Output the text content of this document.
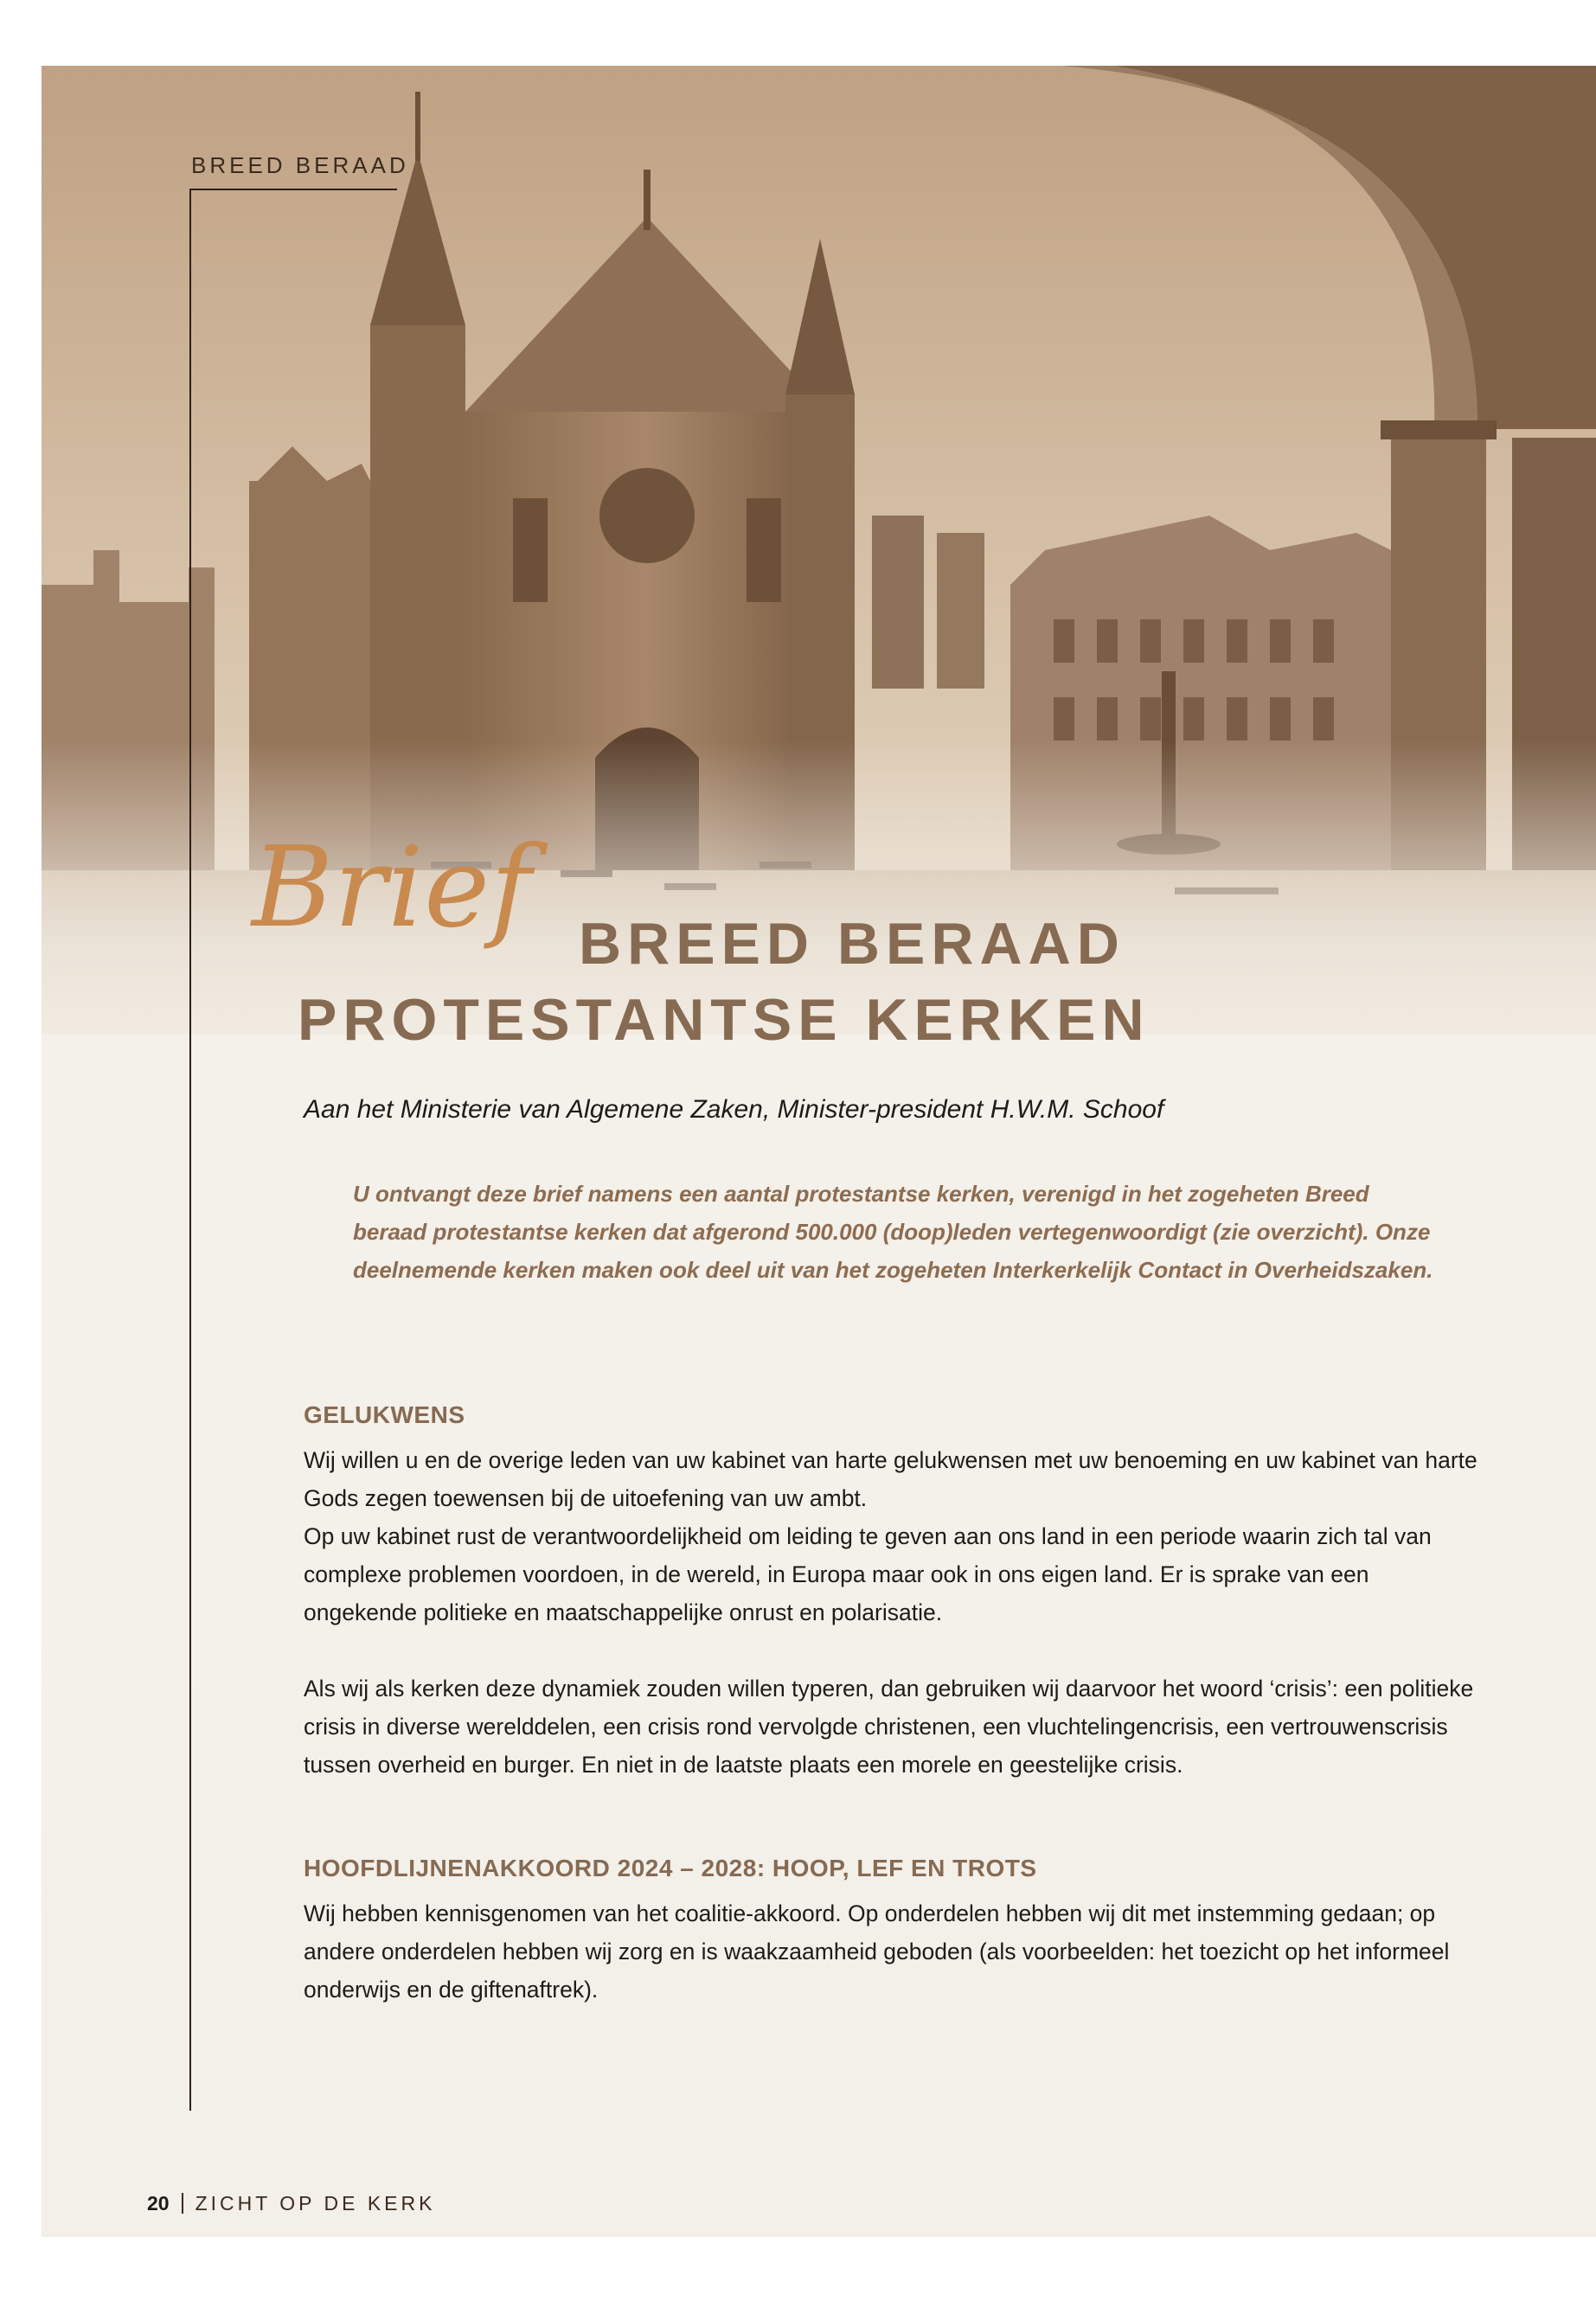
BREED BERAAD
Brief BREED BERAAD
PROTESTANTSE KERKEN
Aan het Ministerie van Algemene Zaken, Minister-president H.W.M. Schoof

U ontvangt deze brief namens een aantal protestantse kerken, verenigd in het zogeheten Breed beraad protestantse kerken dat afgerond 500.000 (doop)leden vertegenwoordigt (zie overzicht). Onze deelnemende kerken maken ook deel uit van het zogeheten Interkerkelijk Contact in Overheidszaken.

GELUKWENS

Wij willen u en de overige leden van uw kabinet van harte gelukwensen met uw benoeming en uw kabinet van harte Gods zegen toewensen bij de uitoefening van uw ambt.

Op uw kabinet rust de verantwoordelijkheid om leiding te geven aan ons land in een periode waarin zich tal van complexe problemen voordoen, in de wereld, in Europa maar ook in ons eigen land. Er is sprake van een ongekende politieke en maatschappelijke onrust en polarisatie.

Als wij als kerken deze dynamiek zouden willen typeren, dan gebruiken wij daarvoor het woord ‘crisis’: een politieke crisis in diverse werelddelen, een crisis rond vervolgde christenen, een vluchtelingencrisis, een vertrouwenscrisis tussen overheid en burger. En niet in de laatste plaats een morele en geestelijke crisis.

HOOFDLIJNENAKKOORD 2024 – 2028: HOOP, LEF EN TROTS

Wij hebben kennisgenomen van het coalitie-akkoord. Op onderdelen hebben wij dit met instemming gedaan; op andere onderdelen hebben wij zorg en is waakzaamheid geboden (als voorbeelden: het toezicht op het informeel onderwijs en de giftenaftrek).

20 ZICHT OP DE KERK
